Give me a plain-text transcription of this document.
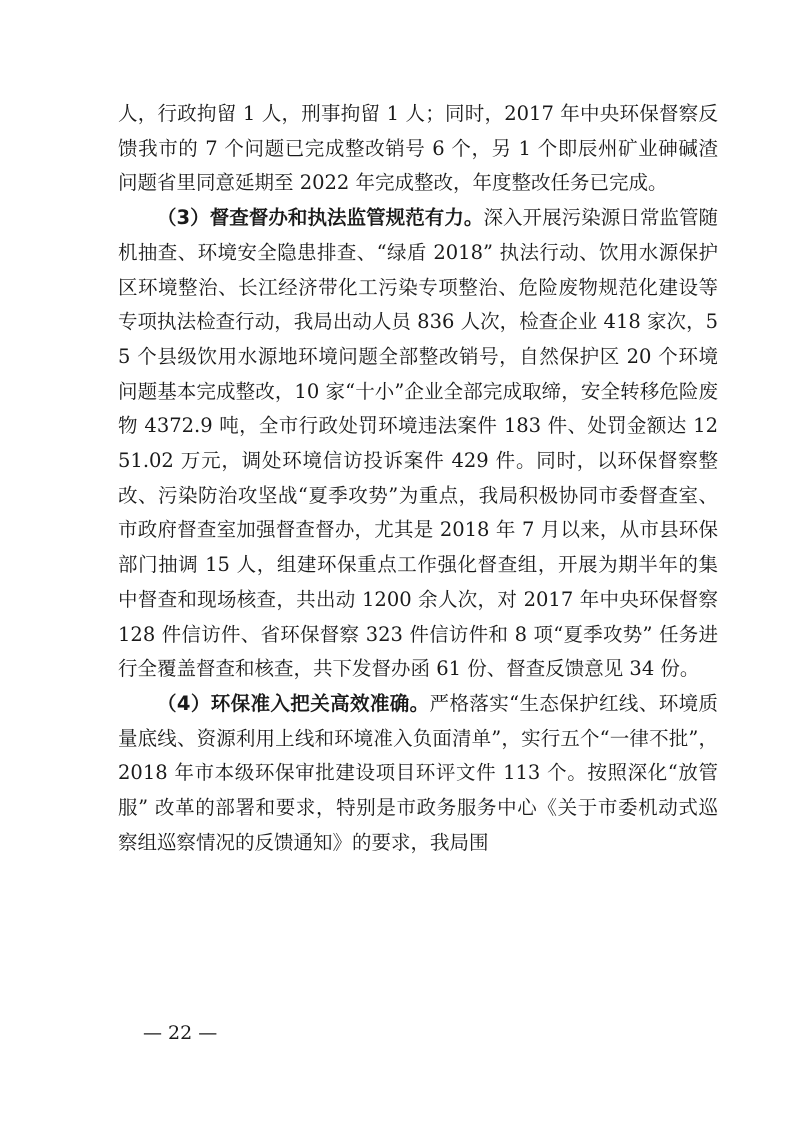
人，行政拘留 1 人，刑事拘留 1 人；同时，2017 年中央环保督察反馈我市的 7 个问题已完成整改销号 6 个，另 1 个即辰州矿业砷碱渣问题省里同意延期至 2022 年完成整改，年度整改任务已完成。

（3）督查督办和执法监管规范有力。深入开展污染源日常监管随机抽查、环境安全隐患排查、“绿盾 2018” 执法行动、饮用水源保护区环境整治、长江经济带化工污染专项整治、危险废物规范化建设等专项执法检查行动，我局出动人员 836 人次，检查企业 418 家次，55 个县级饮用水源地环境问题全部整改销号，自然保护区 20 个环境问题基本完成整改，10 家“十小”企业全部完成取缔，安全转移危险废物 4372.9 吨，全市行政处罚环境违法案件 183 件、处罚金额达 1251.02 万元，调处环境信访投诉案件 429 件。同时，以环保督察整改、污染防治攻坚战“夏季攻势”为重点，我局积极协同市委督查室、市政府督查室加强督查督办，尤其是 2018 年 7 月以来，从市县环保部门抽调 15 人，组建环保重点工作强化督查组，开展为期半年的集中督查和现场核查，共出动 1200 余人次，对 2017 年中央环保督察 128 件信访件、省环保督察 323 件信访件和 8 项“夏季攻势” 任务进行全覆盖督查和核查，共下发督办函 61 份、督查反馈意见 34 份。

（4）环保准入把关高效准确。严格落实“生态保护红线、环境质量底线、资源利用上线和环境准入负面清单”，实行五个“一律不批”，2018 年市本级环保审批建设项目环评文件 113 个。按照深化“放管服” 改革的部署和要求，特别是市政务服务中心《关于市委机动式巡察组巡察情况的反馈通知》的要求，我局围

— 22 —
